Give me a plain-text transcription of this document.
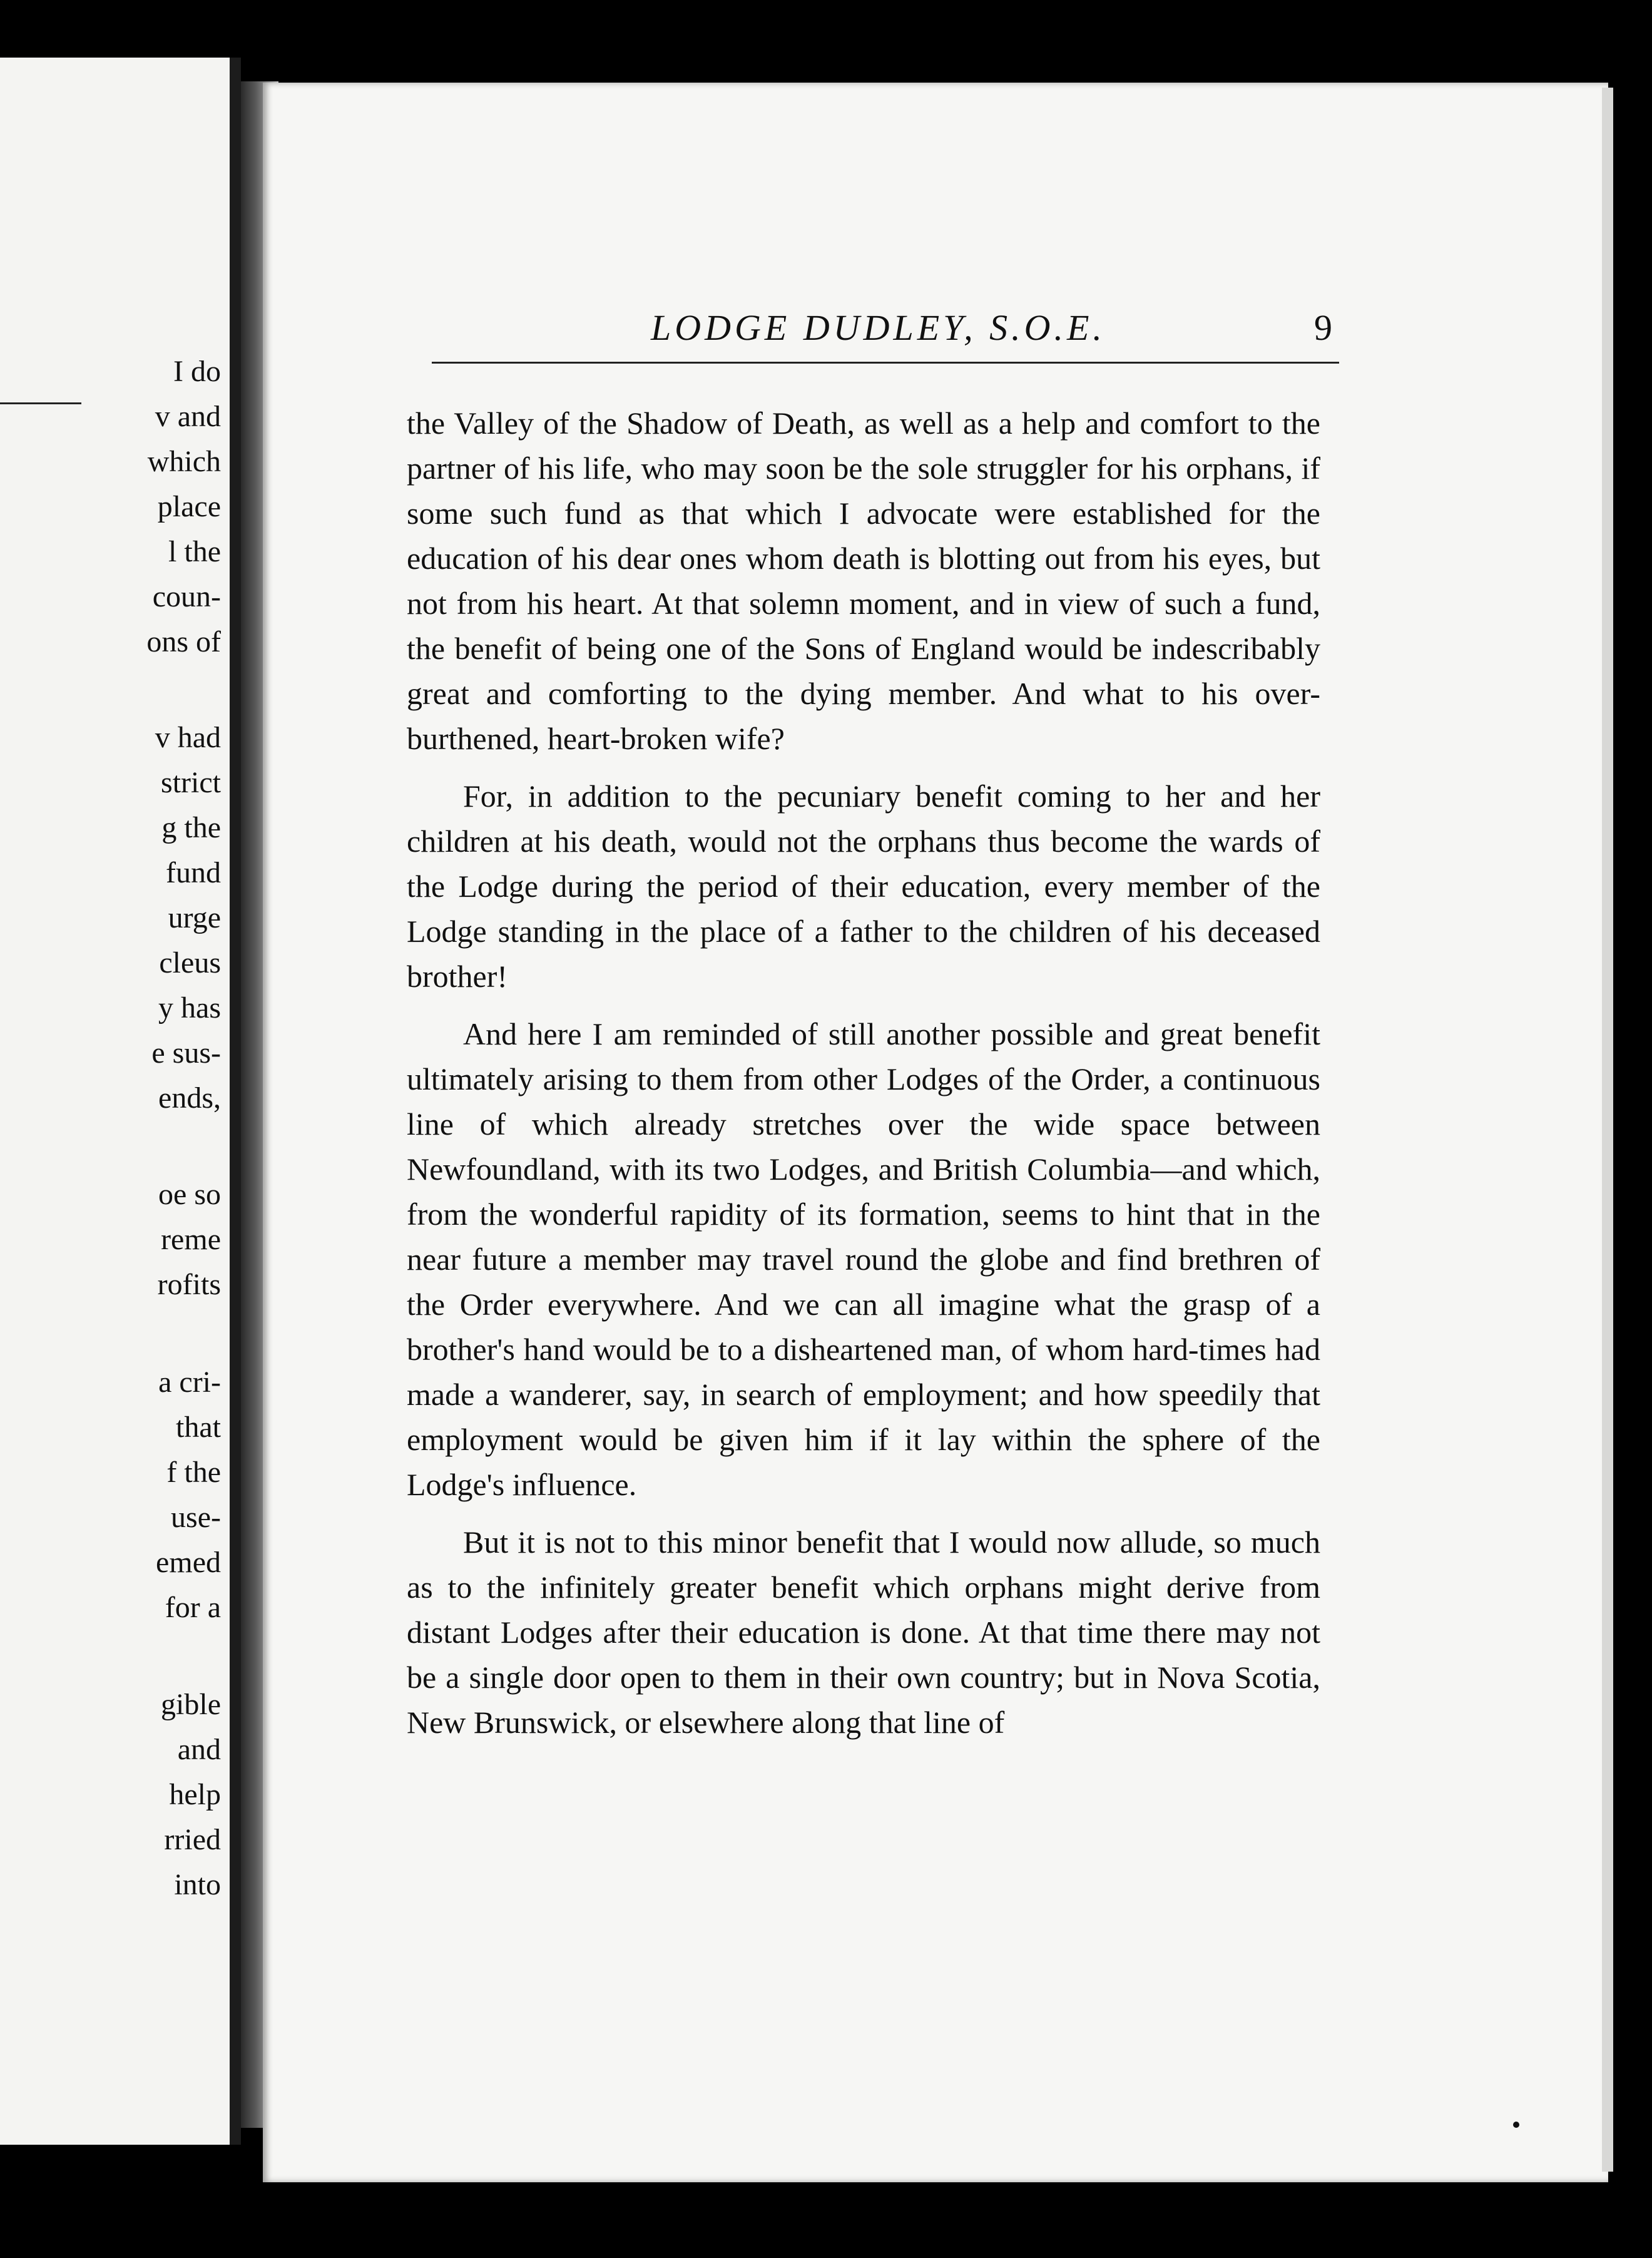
I do
v and
which
place
l the
coun-
ons of
v had
strict
g the
fund
urge
cleus
y has
e sus-
ends,
oe so
reme
rofits
a cri-
that
f the
use-
emed
for a
gible
and
help
rried
into
LODGE DUDLEY, S.O.E.	9

the Valley of the Shadow of Death, as well as a help and comfort to the partner of his life, who may soon be the sole struggler for his orphans, if some such fund as that which I advocate were established for the education of his dear ones whom death is blotting out from his eyes, but not from his heart. At that solemn moment, and in view of such a fund, the benefit of being one of the Sons of England would be indescribably great and comforting to the dying member. And what to his over-burthened, heart-broken wife?

For, in addition to the pecuniary benefit coming to her and her children at his death, would not the orphans thus become the wards of the Lodge during the period of their education, every member of the Lodge standing in the place of a father to the children of his deceased brother!

And here I am reminded of still another possible and great benefit ultimately arising to them from other Lodges of the Order, a continuous line of which already stretches over the wide space between Newfoundland, with its two Lodges, and British Columbia—and which, from the wonderful rapidity of its formation, seems to hint that in the near future a member may travel round the globe and find brethren of the Order everywhere. And we can all imagine what the grasp of a brother's hand would be to a disheartened man, of whom hard-times had made a wanderer, say, in search of employment; and how speedily that employment would be given him if it lay within the sphere of the Lodge's influence.

But it is not to this minor benefit that I would now allude, so much as to the infinitely greater benefit which orphans might derive from distant Lodges after their education is done. At that time there may not be a single door open to them in their own country; but in Nova Scotia, New Brunswick, or elsewhere along that line of
